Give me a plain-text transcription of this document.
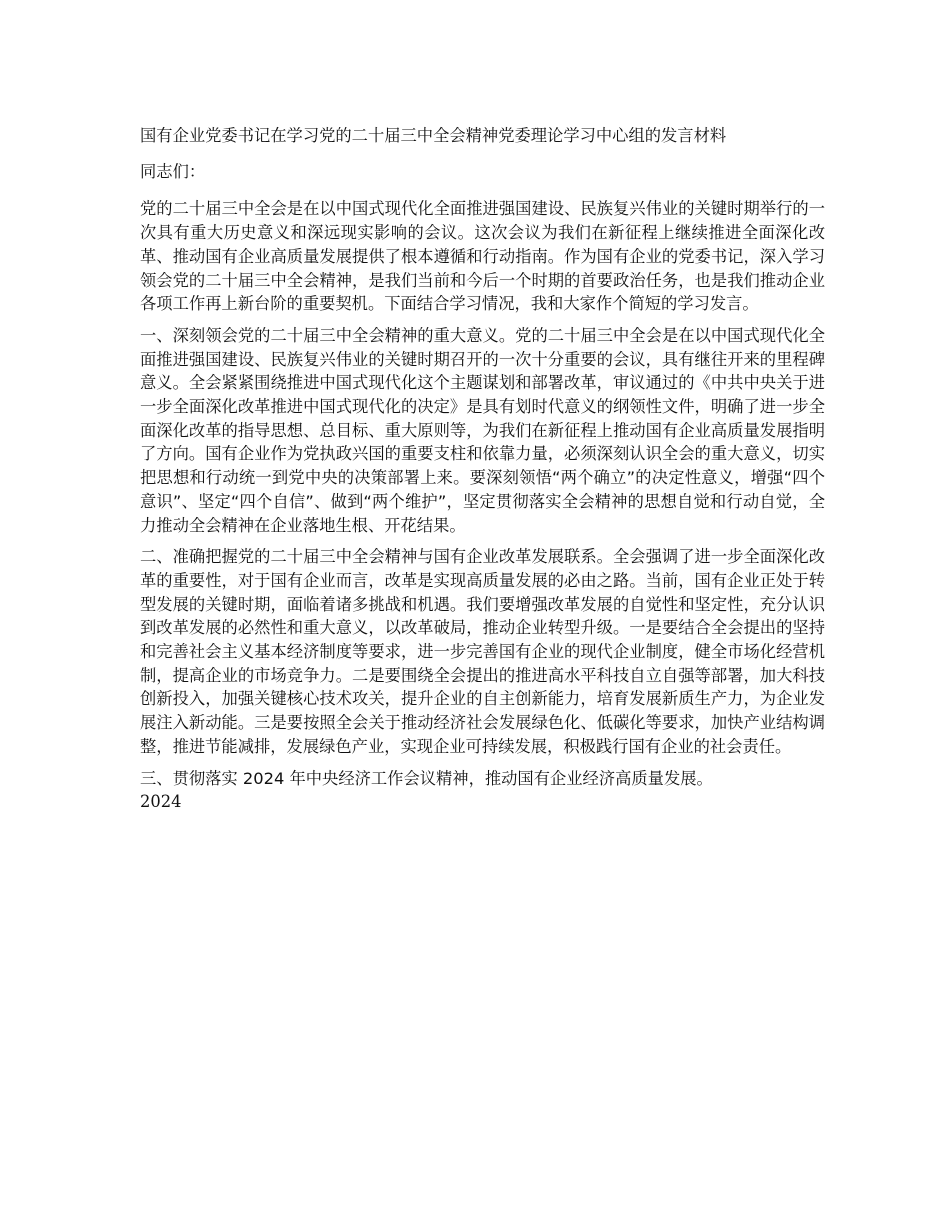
国有企业党委书记在学习党的二十届三中全会精神党委理论学习中心组的发言材料

同志们：

党的二十届三中全会是在以中国式现代化全面推进强国建设、民族复兴伟业的关键时期举行的一次具有重大历史意义和深远现实影响的会议。这次会议为我们在新征程上继续推进全面深化改革、推动国有企业高质量发展提供了根本遵循和行动指南。作为国有企业的党委书记，深入学习领会党的二十届三中全会精神，是我们当前和今后一个时期的首要政治任务，也是我们推动企业各项工作再上新台阶的重要契机。下面结合学习情况，我和大家作个简短的学习发言。

一、深刻领会党的二十届三中全会精神的重大意义。党的二十届三中全会是在以中国式现代化全面推进强国建设、民族复兴伟业的关键时期召开的一次十分重要的会议，具有继往开来的里程碑意义。全会紧紧围绕推进中国式现代化这个主题谋划和部署改革，审议通过的《中共中央关于进一步全面深化改革推进中国式现代化的决定》是具有划时代意义的纲领性文件，明确了进一步全面深化改革的指导思想、总目标、重大原则等，为我们在新征程上推动国有企业高质量发展指明了方向。国有企业作为党执政兴国的重要支柱和依靠力量，必须深刻认识全会的重大意义，切实把思想和行动统一到党中央的决策部署上来。要深刻领悟“两个确立”的决定性意义，增强“四个意识”、坚定“四个自信”、做到“两个维护”，坚定贯彻落实全会精神的思想自觉和行动自觉，全力推动全会精神在企业落地生根、开花结果。

二、准确把握党的二十届三中全会精神与国有企业改革发展联系。全会强调了进一步全面深化改革的重要性，对于国有企业而言，改革是实现高质量发展的必由之路。当前，国有企业正处于转型发展的关键时期，面临着诸多挑战和机遇。我们要增强改革发展的自觉性和坚定性，充分认识到改革发展的必然性和重大意义，以改革破局，推动企业转型升级。一是要结合全会提出的坚持和完善社会主义基本经济制度等要求，进一步完善国有企业的现代企业制度，健全市场化经营机制，提高企业的市场竞争力。二是要围绕全会提出的推进高水平科技自立自强等部署，加大科技创新投入，加强关键核心技术攻关，提升企业的自主创新能力，培育发展新质生产力，为企业发展注入新动能。三是要按照全会关于推动经济社会发展绿色化、低碳化等要求，加快产业结构调整，推进节能减排，发展绿色产业，实现企业可持续发展，积极践行国有企业的社会责任。

三、贯彻落实 2024 年中央经济工作会议精神，推动国有企业经济高质量发展。

2024
